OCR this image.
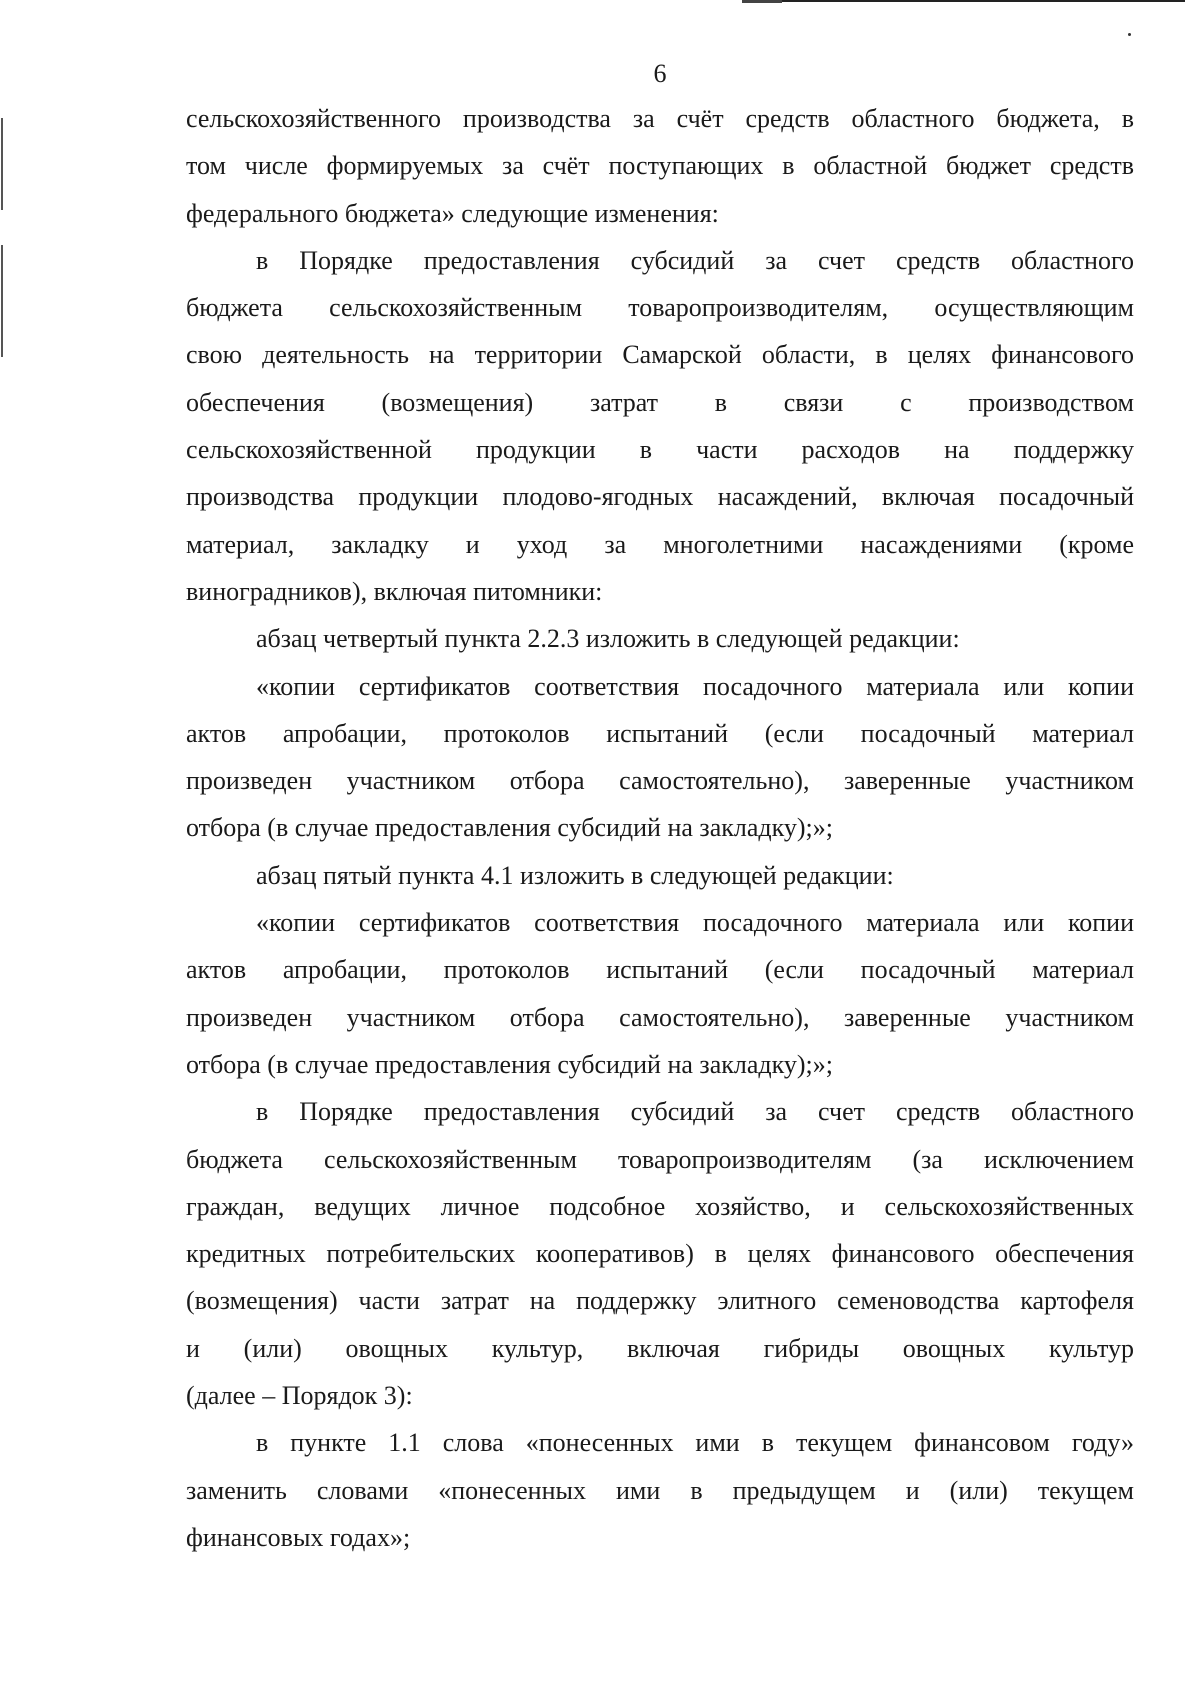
6
сельскохозяйственного производства за счёт средств областного бюджета, в
том числе формируемых за счёт поступающих в областной бюджет средств
федерального бюджета» следующие изменения:
в Порядке предоставления субсидий за счет средств областного
бюджета сельскохозяйственным товаропроизводителям, осуществляющим
свою деятельность на территории Самарской области, в целях финансового
обеспечения (возмещения) затрат в связи с производством
сельскохозяйственной продукции в части расходов на поддержку
производства продукции плодово-ягодных насаждений, включая посадочный
материал, закладку и уход за многолетними насаждениями (кроме
виноградников), включая питомники:
абзац четвертый пункта 2.2.3 изложить в следующей редакции:
«копии сертификатов соответствия посадочного материала или копии
актов апробации, протоколов испытаний (если посадочный материал
произведен участником отбора самостоятельно), заверенные участником
отбора (в случае предоставления субсидий на закладку);»;
абзац пятый пункта 4.1 изложить в следующей редакции:
«копии сертификатов соответствия посадочного материала или копии
актов апробации, протоколов испытаний (если посадочный материал
произведен участником отбора самостоятельно), заверенные участником
отбора (в случае предоставления субсидий на закладку);»;
в Порядке предоставления субсидий за счет средств областного
бюджета сельскохозяйственным товаропроизводителям (за исключением
граждан, ведущих личное подсобное хозяйство, и сельскохозяйственных
кредитных потребительских кооперативов) в целях финансового обеспечения
(возмещения) части затрат на поддержку элитного семеноводства картофеля
и (или) овощных культур, включая гибриды овощных культур
(далее – Порядок 3):
в пункте 1.1 слова «понесенных ими в текущем финансовом году»
заменить словами «понесенных ими в предыдущем и (или) текущем
финансовых годах»;
